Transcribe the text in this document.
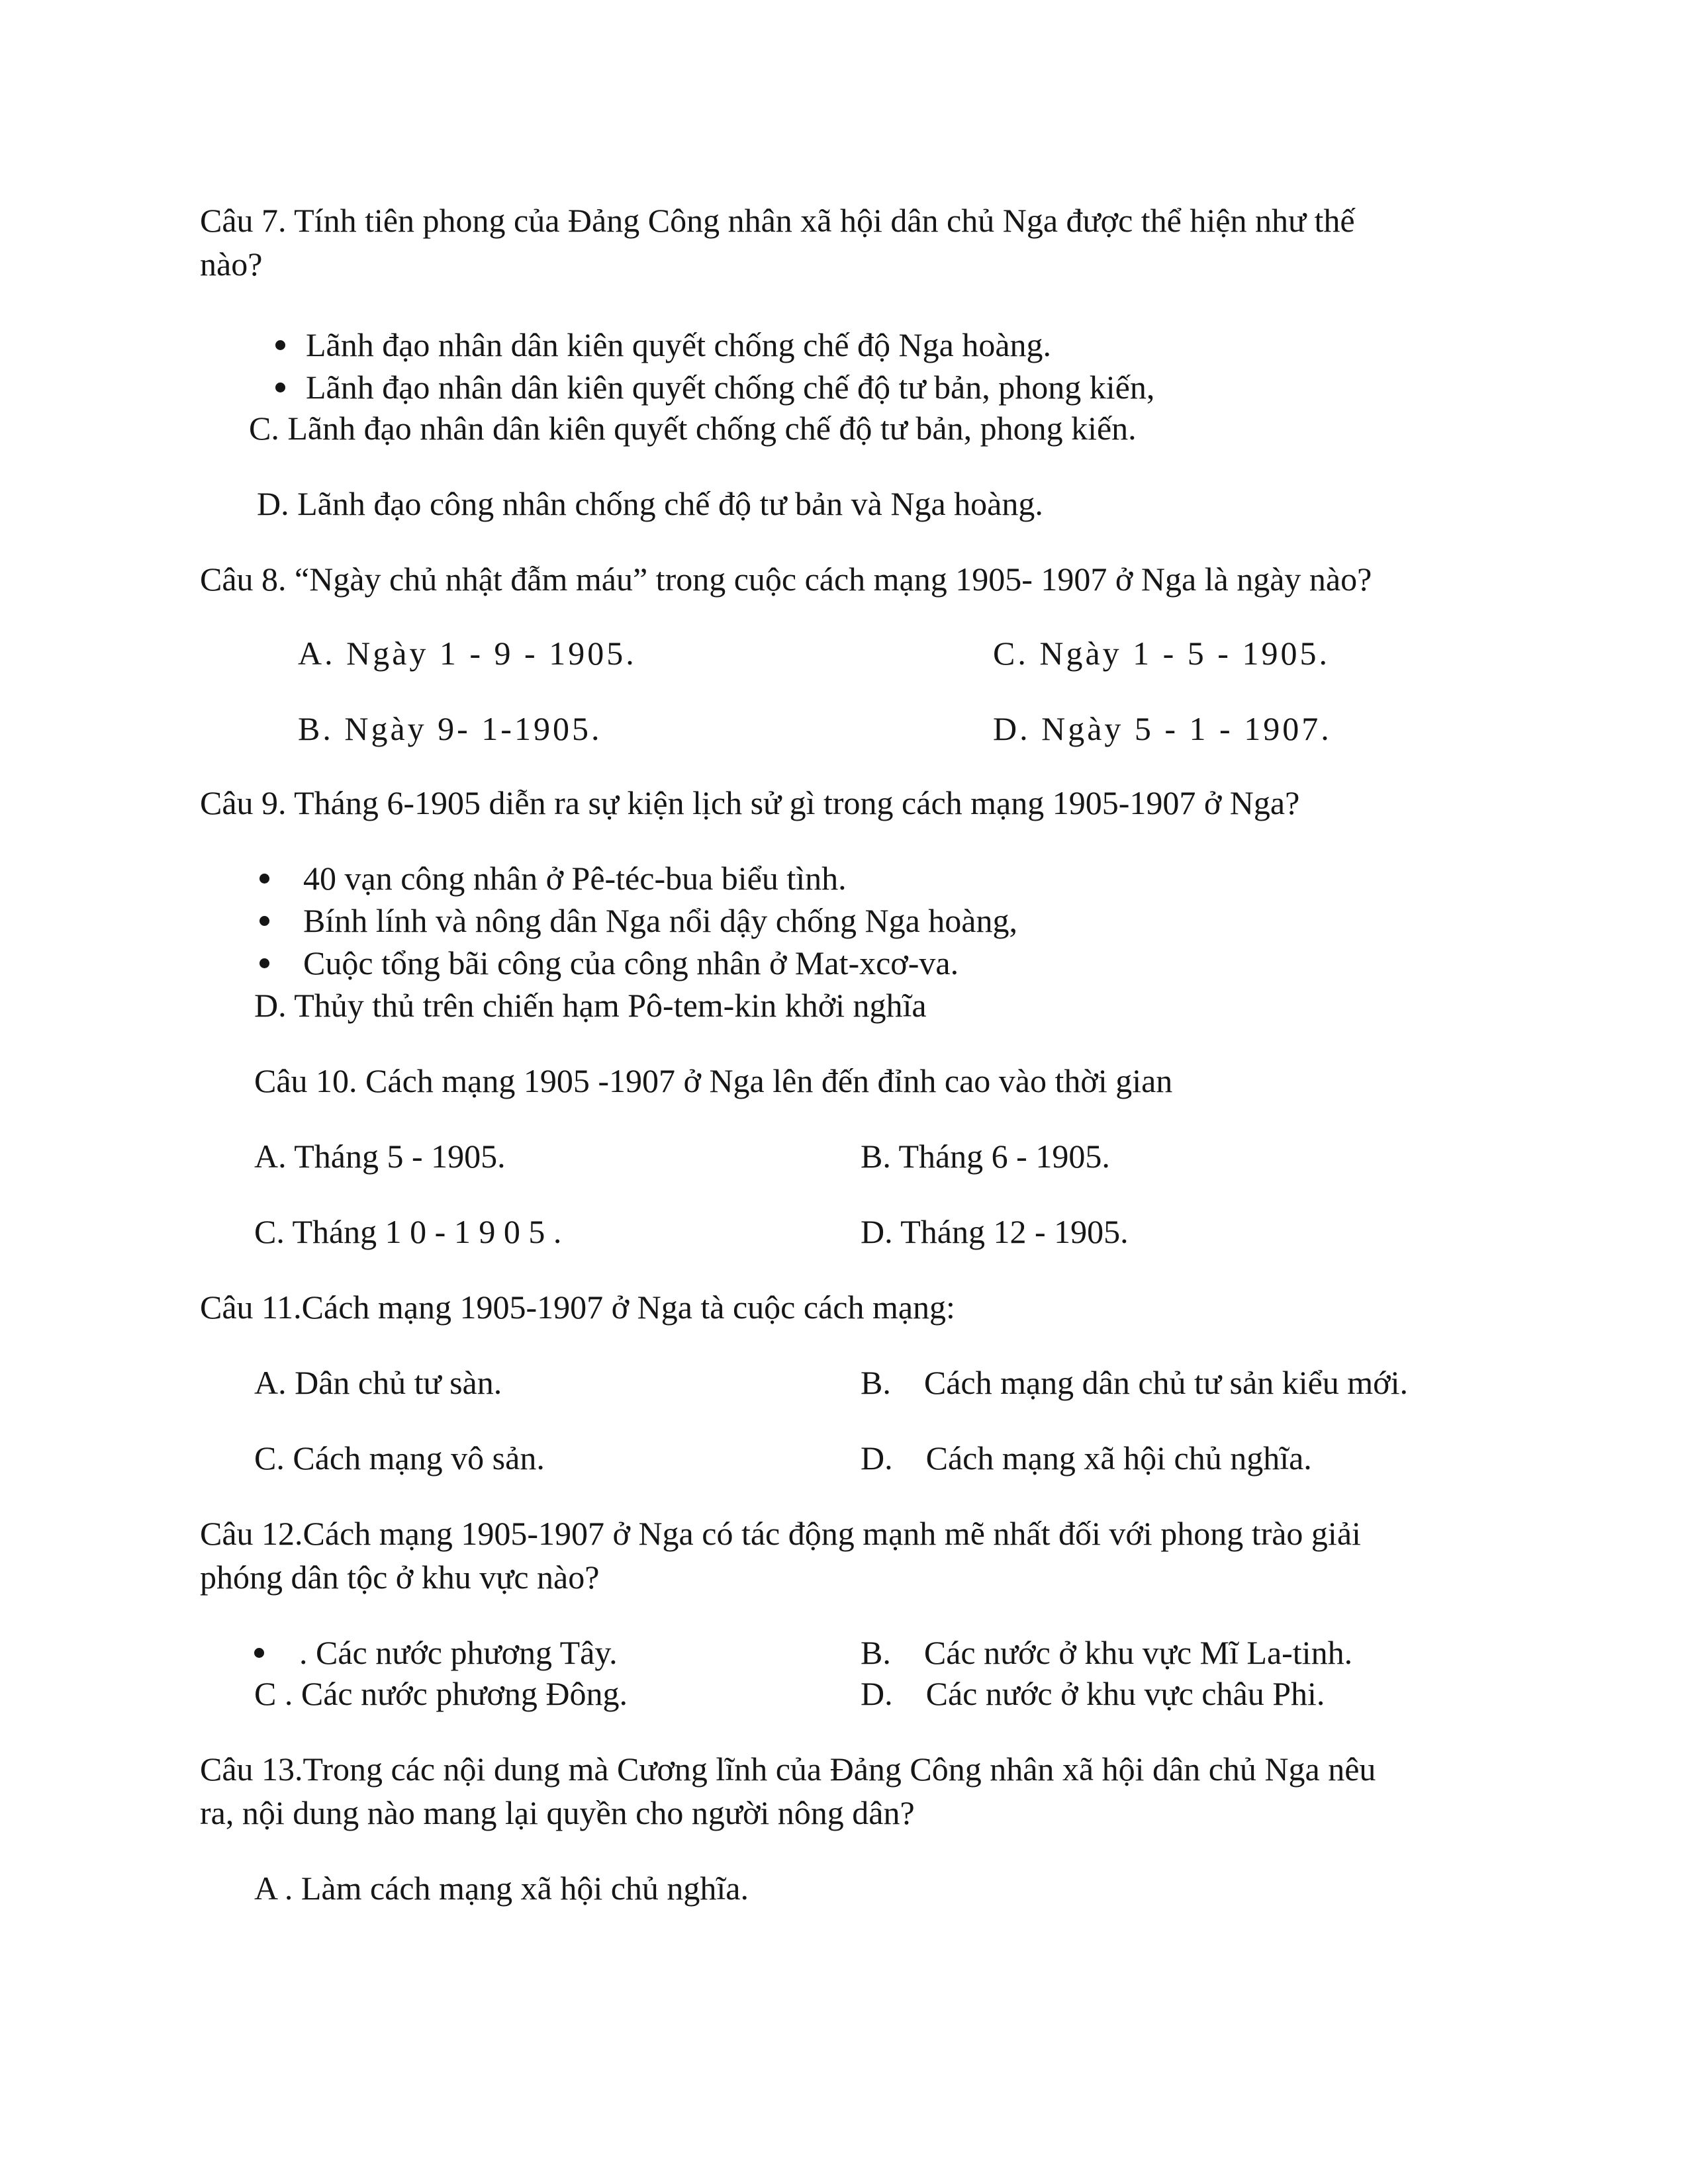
Câu 7. Tính tiên phong của Đảng Công nhân xã hội dân chủ Nga được thể hiện như thế

nào?

Lãnh đạo nhân dân kiên quyết chống chế độ Nga hoàng.

Lãnh đạo nhân dân kiên quyết chống chế độ tư bản, phong kiến,

C. Lãnh đạo nhân dân kiên quyết chống chế độ tư bản, phong kiến.

D. Lãnh đạo công nhân chống chế độ tư bản và Nga hoàng.

Câu 8. “Ngày chủ nhật đẫm máu” trong cuộc cách mạng 1905- 1907 ở Nga là ngày nào?

A. Ngày 1 - 9 - 1905.	C. Ngày 1 - 5 - 1905.

B. Ngày 9- 1-1905.	D. Ngày 5 - 1 - 1907.

Câu 9. Tháng 6-1905 diễn ra sự kiện lịch sử gì trong cách mạng 1905-1907 ở Nga?

40 vạn công nhân ở Pê-téc-bua biểu tình.

Bính lính và nông dân Nga nổi dậy chống Nga hoàng,

Cuộc tổng bãi công của công nhân ở Mat-xcơ-va.

D. Thủy thủ trên chiến hạm Pô-tem-kin khởi nghĩa

Câu 10. Cách mạng 1905 -1907 ở Nga lên đến đỉnh cao vào thời gian

A. Tháng 5 - 1905.	B. Tháng 6 - 1905.

C. Tháng 1 0 - 1 9 0 5 .	D. Tháng 12 - 1905.

Câu 11.Cách mạng 1905-1907 ở Nga tà cuộc cách mạng:

A. Dân chủ tư sàn.	B.    Cách mạng dân chủ tư sản kiểu mới.

C. Cách mạng vô sản.	D.    Cách mạng xã hội chủ nghĩa.

Câu 12.Cách mạng 1905-1907 ở Nga có tác động mạnh mẽ nhất đối với phong trào giải

phóng dân tộc ở khu vực nào?

. Các nước phương Tây.	B.    Các nước ở khu vực Mĩ La-tinh.

C . Các nước phương Đông.	D.    Các nước ở khu vực châu Phi.

Câu 13.Trong các nội dung mà Cương lĩnh của Đảng Công nhân xã hội dân chủ Nga nêu

ra, nội dung nào mang lại quyền cho người nông dân?

A . Làm cách mạng xã hội chủ nghĩa.
